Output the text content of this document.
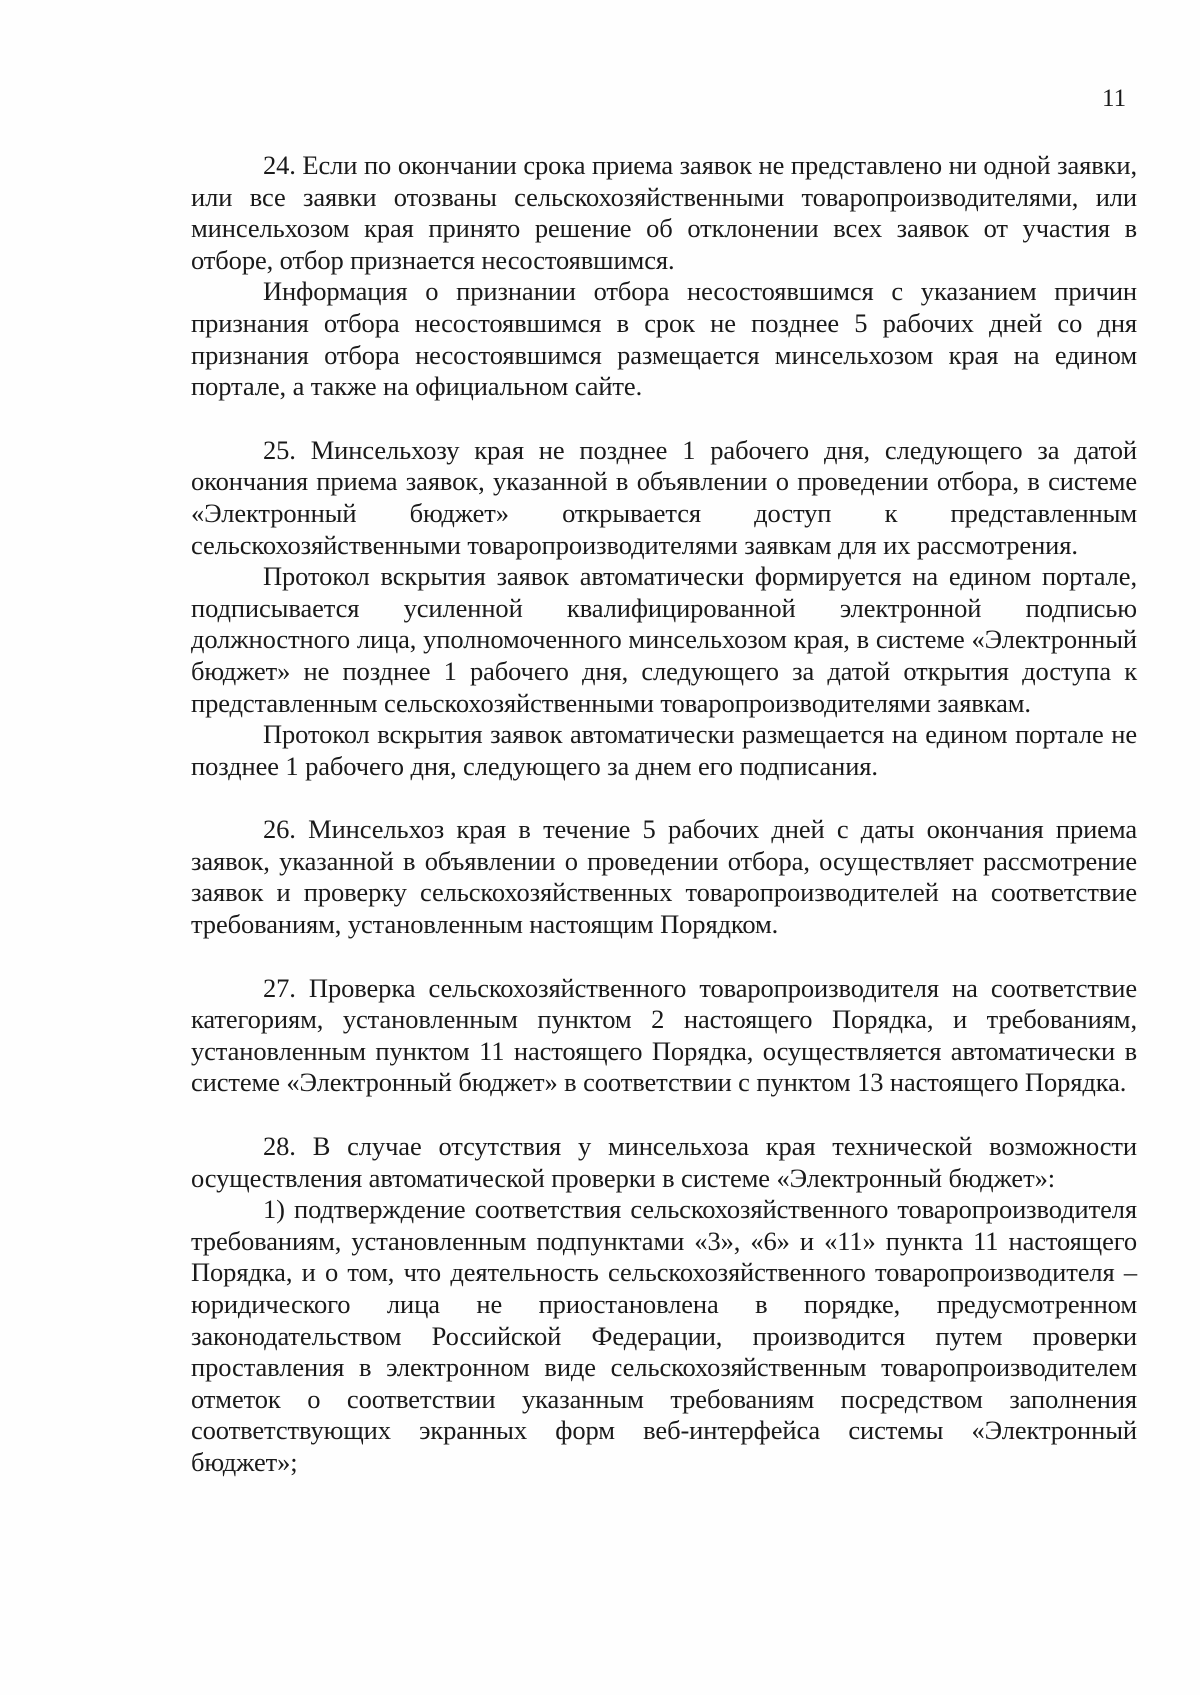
11

24. Если по окончании срока приема заявок не представлено ни одной заявки, или все заявки отозваны сельскохозяйственными товаропроизводителями, или минсельхозом края принято решение об отклонении всех заявок от участия в отборе, отбор признается несостоявшимся.

Информация о признании отбора несостоявшимся с указанием причин признания отбора несостоявшимся в срок не позднее 5 рабочих дней со дня признания отбора несостоявшимся размещается минсельхозом края на едином портале, а также на официальном сайте.

25. Минсельхозу края не позднее 1 рабочего дня, следующего за датой окончания приема заявок, указанной в объявлении о проведении отбора, в системе «Электронный бюджет» открывается доступ к представленным сельскохозяйственными товаропроизводителями заявкам для их рассмотрения.

Протокол вскрытия заявок автоматически формируется на едином портале, подписывается усиленной квалифицированной электронной подписью должностного лица, уполномоченного минсельхозом края, в системе «Электронный бюджет» не позднее 1 рабочего дня, следующего за датой открытия доступа к представленным сельскохозяйственными товаропроизводителями заявкам.

Протокол вскрытия заявок автоматически размещается на едином портале не позднее 1 рабочего дня, следующего за днем его подписания.

26. Минсельхоз края в течение 5 рабочих дней с даты окончания приема заявок, указанной в объявлении о проведении отбора, осуществляет рассмотрение заявок и проверку сельскохозяйственных товаропроизводителей на соответствие требованиям, установленным настоящим Порядком.

27. Проверка сельскохозяйственного товаропроизводителя на соответствие категориям, установленным пунктом 2 настоящего Порядка, и требованиям, установленным пунктом 11 настоящего Порядка, осуществляется автоматически в системе «Электронный бюджет» в соответствии с пунктом 13 настоящего Порядка.

28. В случае отсутствия у минсельхоза края технической возможности осуществления автоматической проверки в системе «Электронный бюджет»:

1) подтверждение соответствия сельскохозяйственного товаропроизводителя требованиям, установленным подпунктами «3», «6» и «11» пункта 11 настоящего Порядка, и о том, что деятельность сельскохозяйственного товаропроизводителя – юридического лица не приостановлена в порядке, предусмотренном законодательством Российской Федерации, производится путем проверки проставления в электронном виде сельскохозяйственным товаропроизводителем отметок о соответствии указанным требованиям посредством заполнения соответствующих экранных форм веб-интерфейса системы «Электронный бюджет»;
